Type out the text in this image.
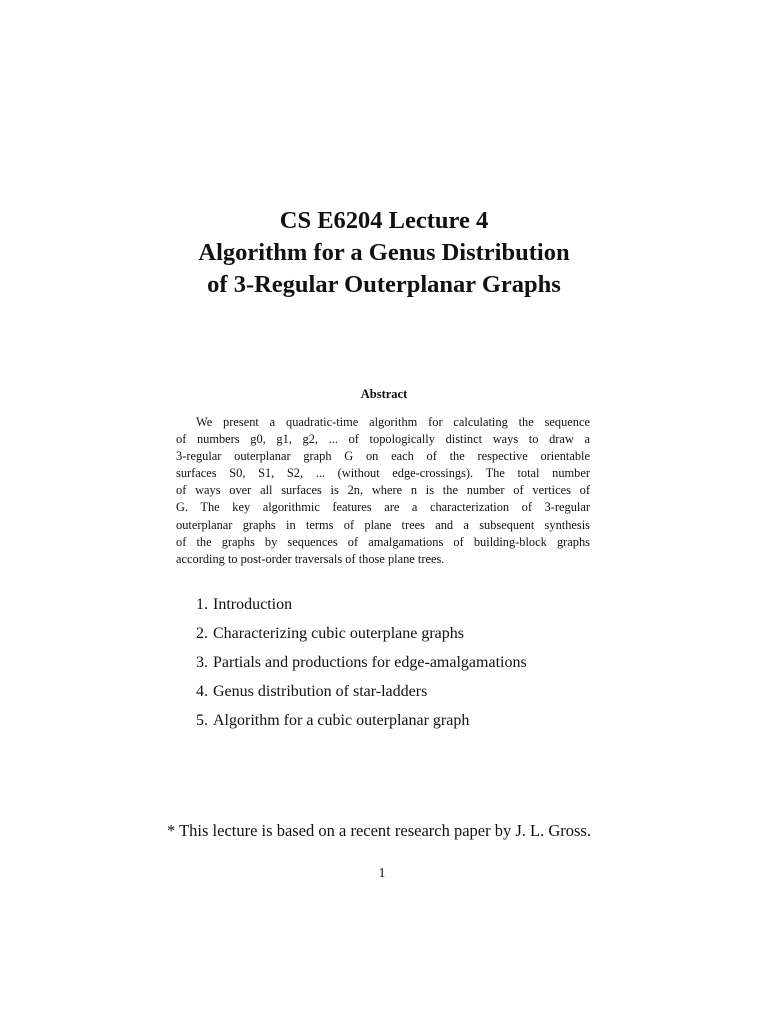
CS E6204 Lecture 4
Algorithm for a Genus Distribution
of 3-Regular Outerplanar Graphs
Abstract
We present a quadratic-time algorithm for calculating the sequence
of numbers g0, g1, g2, ... of topologically distinct ways to draw a
3-regular outerplanar graph G on each of the respective orientable
surfaces S0, S1, S2, ... (without edge-crossings). The total number
of ways over all surfaces is 2n, where n is the number of vertices of
G. The key algorithmic features are a characterization of 3-regular
outerplanar graphs in terms of plane trees and a subsequent synthesis
of the graphs by sequences of amalgamations of building-block graphs
according to post-order traversals of those plane trees.
1. Introduction
2. Characterizing cubic outerplane graphs
3. Partials and productions for edge-amalgamations
4. Genus distribution of star-ladders
5. Algorithm for a cubic outerplanar graph
* This lecture is based on a recent research paper by J. L. Gross.
1
